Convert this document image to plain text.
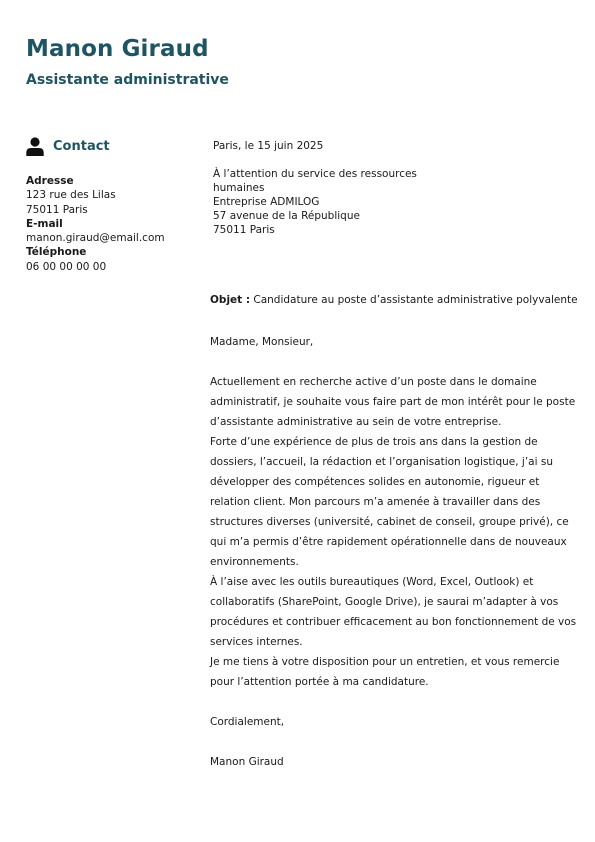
Manon Giraud
Assistante administrative
Contact
Adresse
123 rue des Lilas
75011 Paris
E-mail
manon.giraud@email.com
Téléphone
06 00 00 00 00
Paris, le 15 juin 2025
À l’attention du service des ressources humaines
Entreprise ADMILOG
57 avenue de la République
75011 Paris
Objet : Candidature au poste d’assistante administrative polyvalente
Madame, Monsieur,

Actuellement en recherche active d’un poste dans le domaine administratif, je souhaite vous faire part de mon intérêt pour le poste d’assistante administrative au sein de votre entreprise.

Forte d’une expérience de plus de trois ans dans la gestion de dossiers, l’accueil, la rédaction et l’organisation logistique, j’ai su développer des compétences solides en autonomie, rigueur et relation client. Mon parcours m’a amenée à travailler dans des structures diverses (université, cabinet de conseil, groupe privé), ce qui m’a permis d’être rapidement opérationnelle dans de nouveaux environnements.

À l’aise avec les outils bureautiques (Word, Excel, Outlook) et collaboratifs (SharePoint, Google Drive), je saurai m’adapter à vos procédures et contribuer efficacement au bon fonctionnement de vos services internes.

Je me tiens à votre disposition pour un entretien, et vous remercie pour l’attention portée à ma candidature.

Cordialement,
Manon Giraud
